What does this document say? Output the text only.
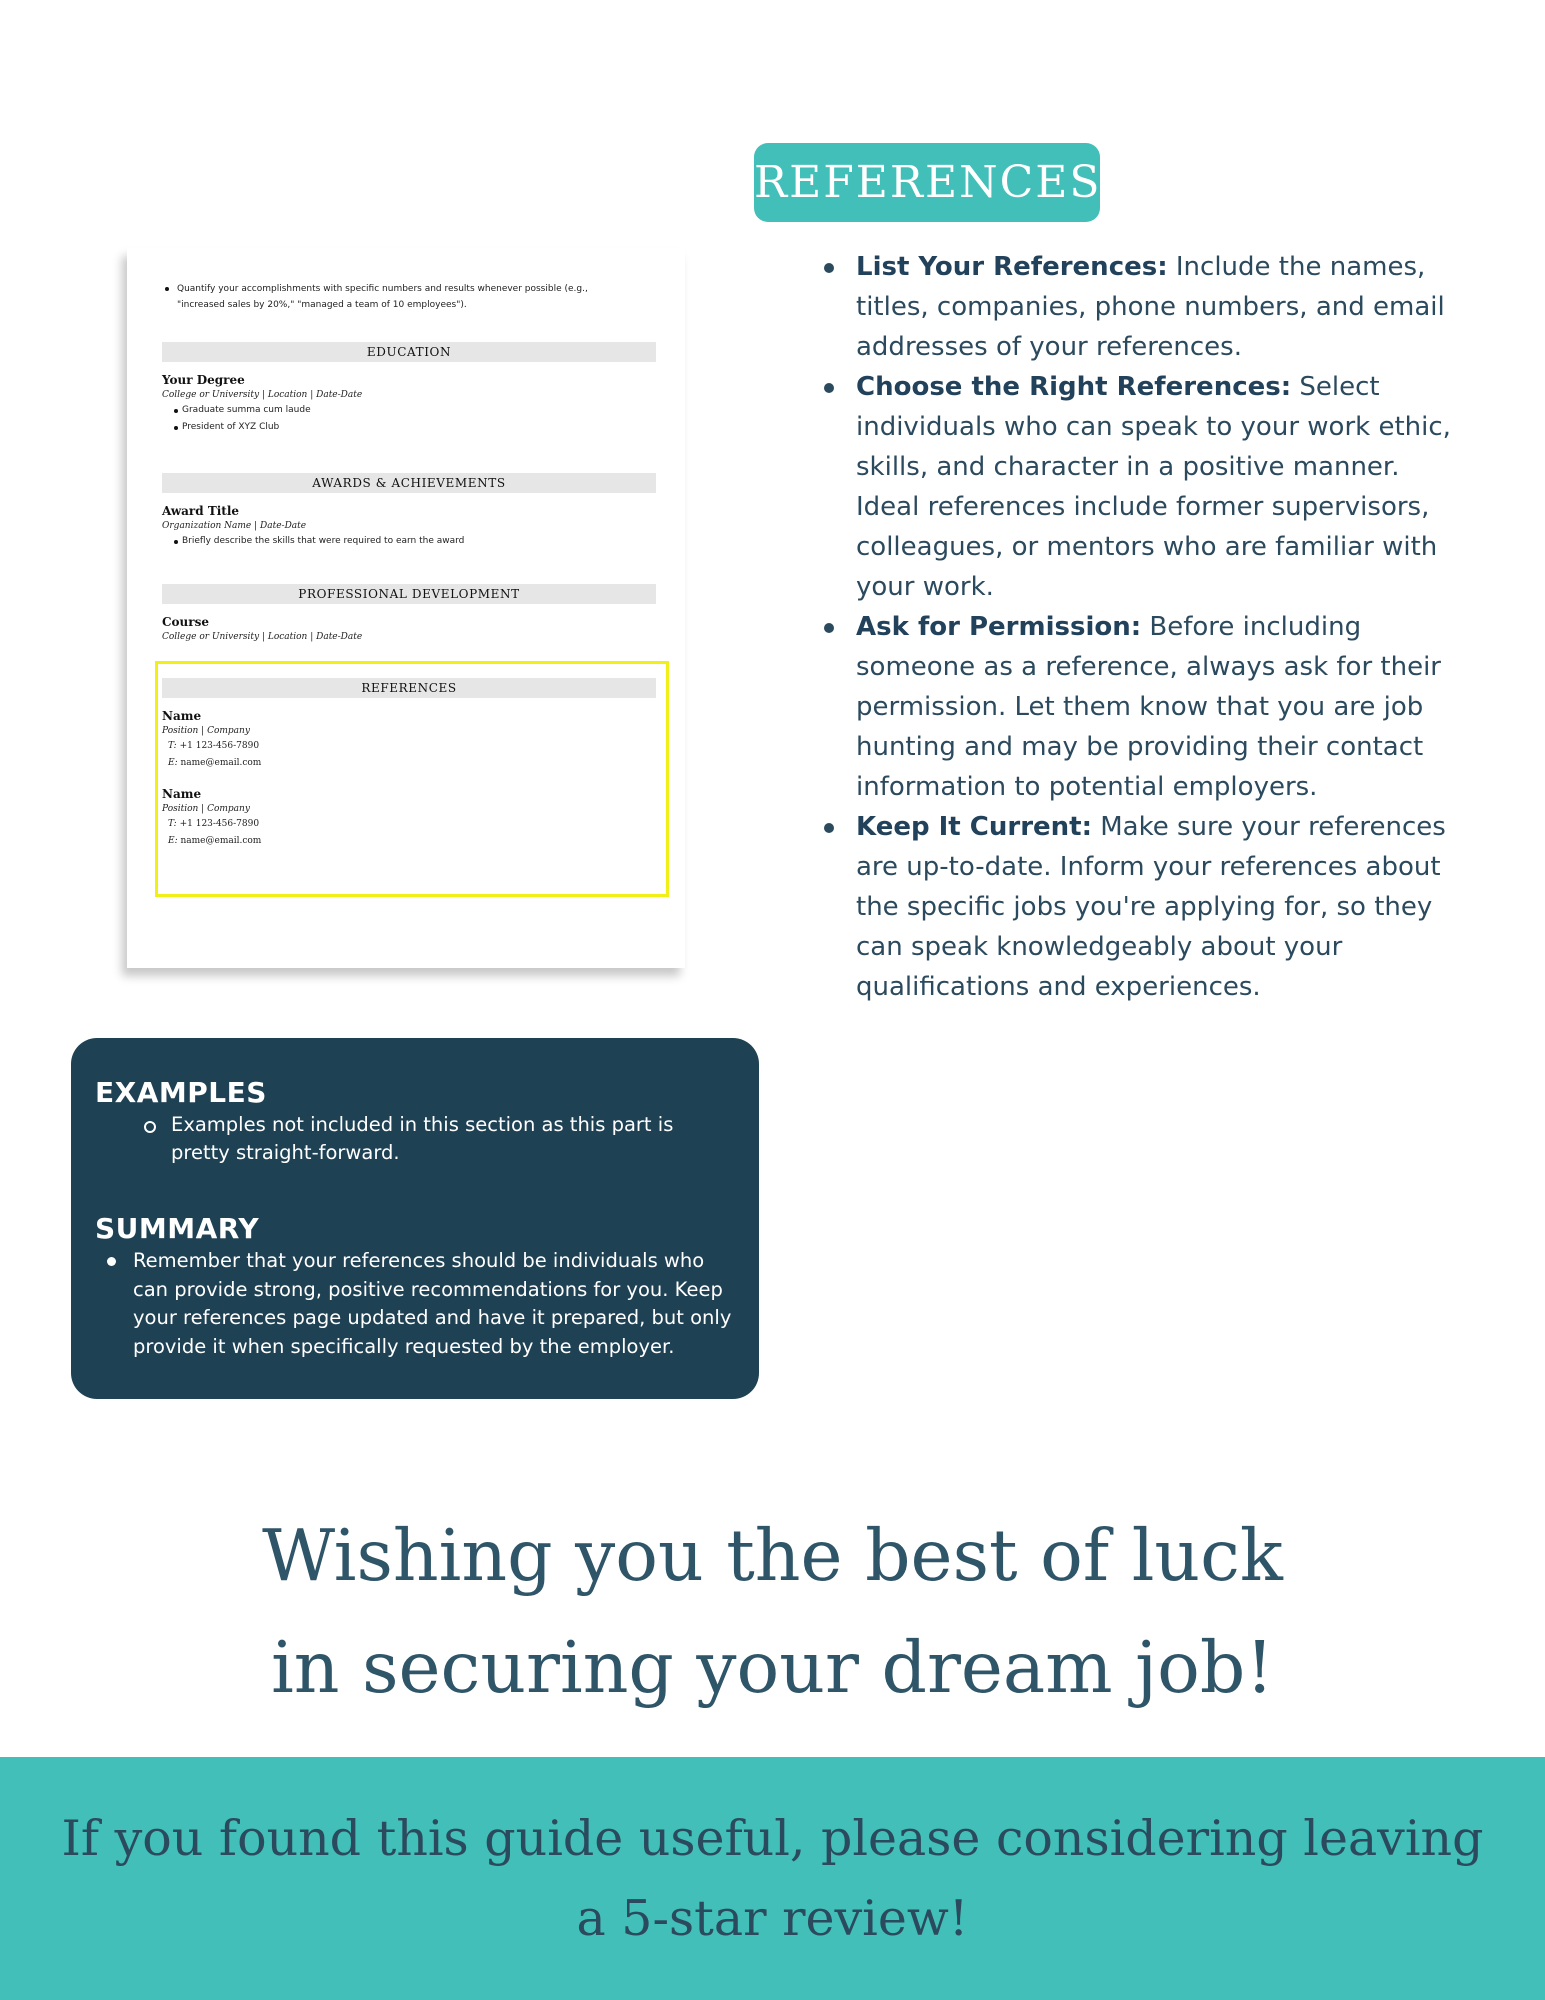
Quantify your accomplishments with specific numbers and results whenever possible (e.g., "increased sales by 20%," "managed a team of 10 employees").
EDUCATION
Your Degree
College or University | Location | Date-Date
Graduate summa cum laude
President of XYZ Club
AWARDS & ACHIEVEMENTS
Award Title
Organization Name | Date-Date
Briefly describe the skills that were required to earn the award
PROFESSIONAL DEVELOPMENT
Course
College or University | Location | Date-Date
REFERENCES
Name
Position | Company
T: +1 123-456-7890
E: name@email.com
Name
Position | Company
T: +1 123-456-7890
E: name@email.com
REFERENCES
List Your References: Include the names, titles, companies, phone numbers, and email addresses of your references.
Choose the Right References: Select individuals who can speak to your work ethic, skills, and character in a positive manner. Ideal references include former supervisors, colleagues, or mentors who are familiar with your work.
Ask for Permission: Before including someone as a reference, always ask for their permission. Let them know that you are job hunting and may be providing their contact information to potential employers.
Keep It Current: Make sure your references are up-to-date. Inform your references about the specific jobs you're applying for, so they can speak knowledgeably about your qualifications and experiences.
EXAMPLES
Examples not included in this section as this part is pretty straight-forward.
SUMMARY
Remember that your references should be individuals who can provide strong, positive recommendations for you. Keep your references page updated and have it prepared, but only provide it when specifically requested by the employer.
Wishing you the best of luck
in securing your dream job!
If you found this guide useful, please considering leaving
a 5-star review!
